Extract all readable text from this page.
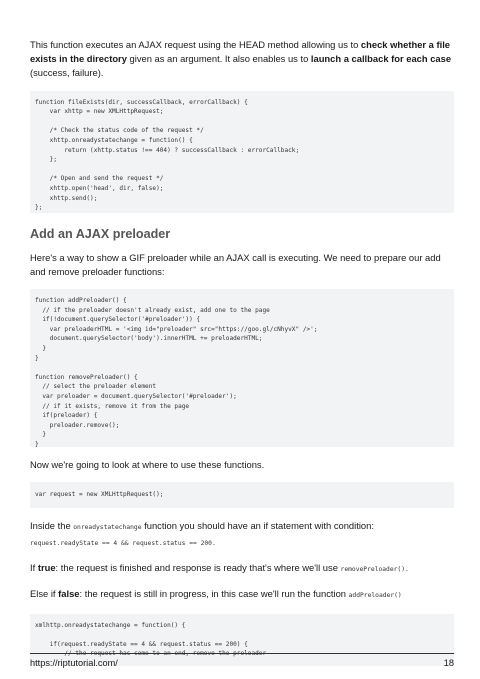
This function executes an AJAX request using the HEAD method allowing us to check whether a file exists in the directory given as an argument. It also enables us to launch a callback for each case (success, failure).

function fileExists(dir, successCallback, errorCallback) {
var xhttp = new XMLHttpRequest;

/* Check the status code of the request */
xhttp.onreadystatechange = function() {
return (xhttp.status !== 404) ? successCallback : errorCallback;
};

/* Open and send the request */
xhttp.open('head', dir, false);
xhttp.send();
};
Add an AJAX preloader

Here's a way to show a GIF preloader while an AJAX call is executing. We need to prepare our add and remove preloader functions:

function addPreloader() {
// if the preloader doesn't already exist, add one to the page
if(!document.querySelector('#preloader')) {
var preloaderHTML = '<img id="preloader" src="https://goo.gl/cNhyvX" />';
document.querySelector('body').innerHTML += preloaderHTML;
}
}

function removePreloader() {
// select the preloader element
var preloader = document.querySelector('#preloader');
// if it exists, remove it from the page
if(preloader) {
preloader.remove();
}
}

Now we're going to look at where to use these functions.

var request = new XMLHttpRequest();

Inside the onreadystatechange function you should have an if statement with condition:
request.readyState == 4 && request.status == 200.

If true: the request is finished and response is ready that's where we'll use removePreloader().

Else if false: the request is still in progress, in this case we'll run the function addPreloader()

xmlhttp.onreadystatechange = function() {

if(request.readyState == 4 && request.status == 200) {
// the request has come to an end, remove the preloader
https://riptutorial.com/	18
